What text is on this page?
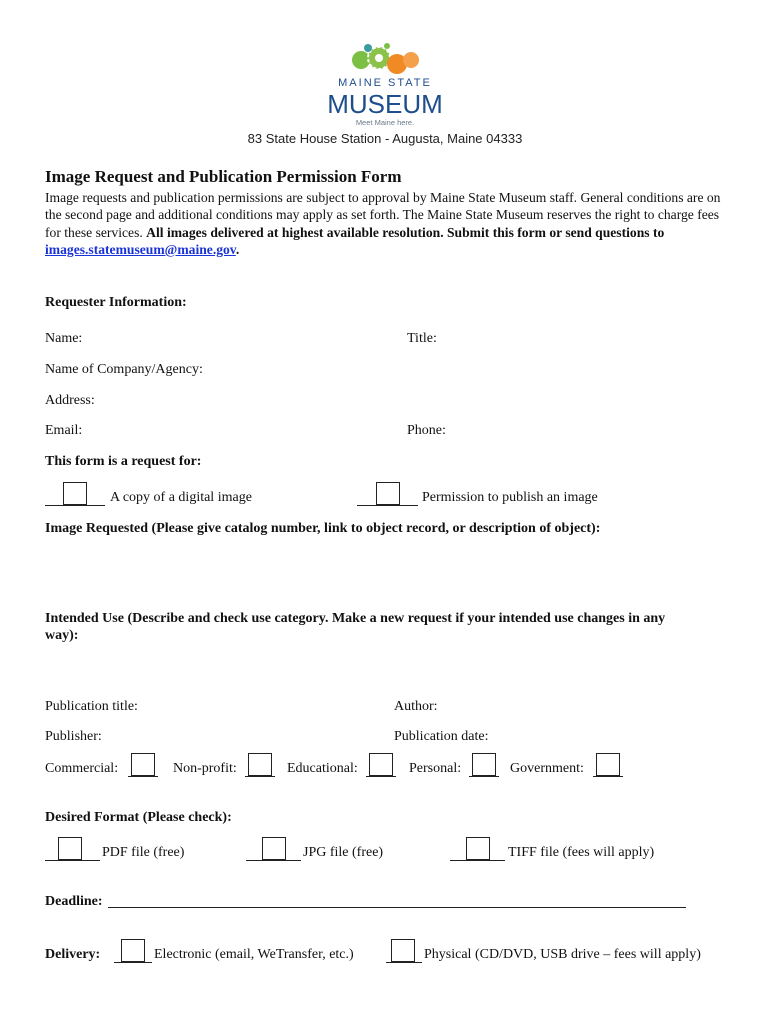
MAINE STATE
MUSEUM
Meet Maine here.
83 State House Station - Augusta, Maine 04333
Image Request and Publication Permission Form
Image requests and publication permissions are subject to approval by Maine State Museum staff. General conditions are on the second page and additional conditions may apply as set forth. The Maine State Museum reserves the right to charge fees for these services. All images delivered at highest available resolution. Submit this form or send questions to images.statemuseum@maine.gov.
Requester Information:
Name:	Title:
Name of Company/Agency:
Address:
Email:	Phone:
This form is a request for:
A copy of a digital image	Permission to publish an image
Image Requested (Please give catalog number, link to object record, or description of object):
Intended Use (Describe and check use category. Make a new request if your intended use changes in any
way):
Publication title:	Author:
Publisher:	Publication date:
Commercial:	Non-profit:	Educational:	Personal:	Government:
Desired Format (Please check):
PDF file (free)	JPG file (free)	TIFF file (fees will apply)
Deadline:
Delivery:	Electronic (email, WeTransfer, etc.)	Physical (CD/DVD, USB drive – fees will apply)
